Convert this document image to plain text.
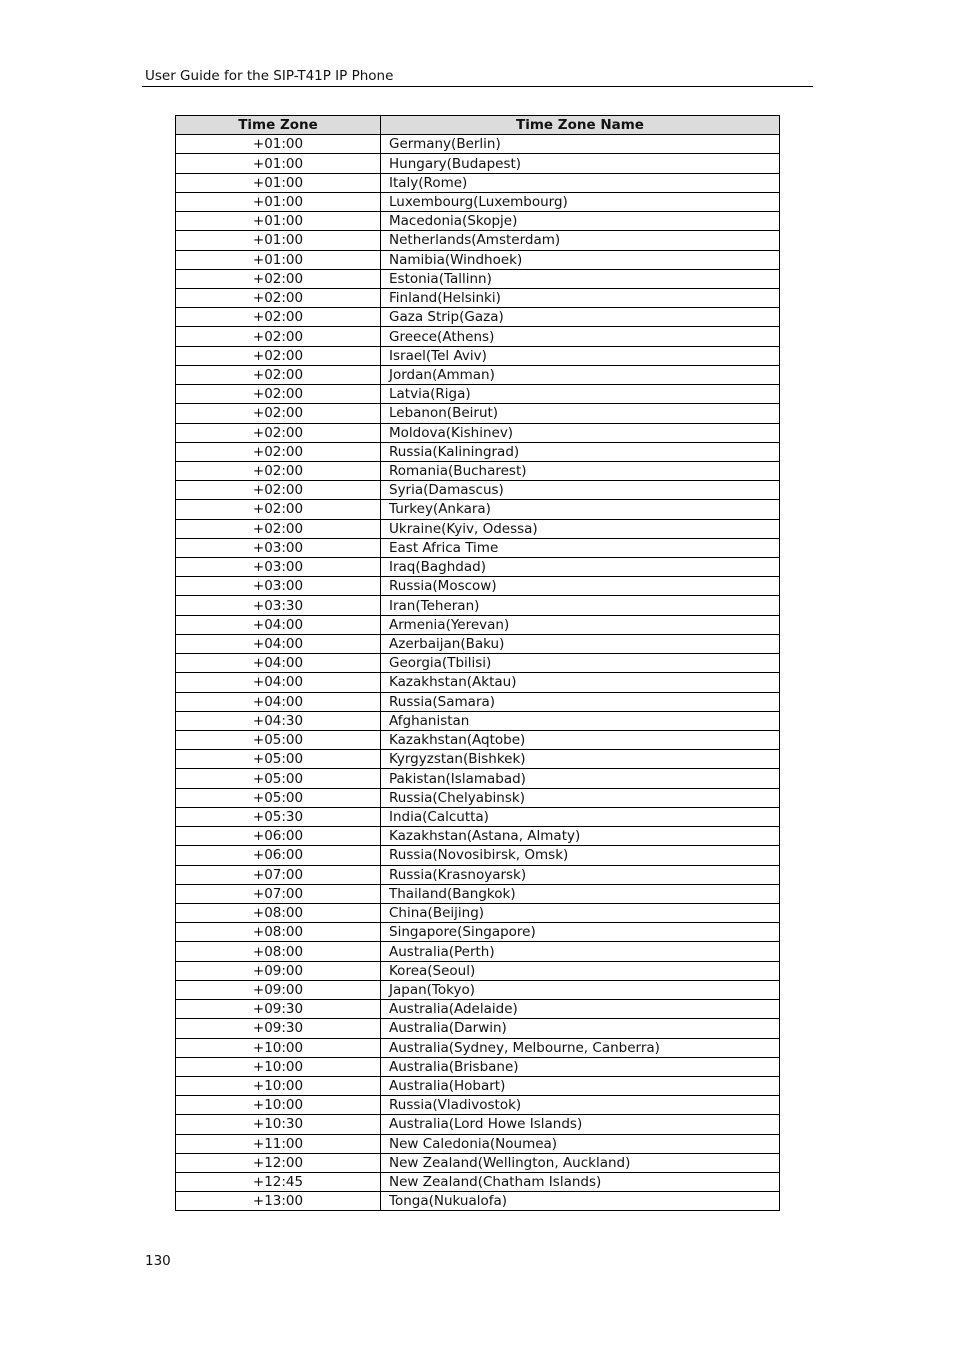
User Guide for the SIP-T41P IP Phone
Time Zone	Time Zone Name
+01:00	Germany(Berlin)
+01:00	Hungary(Budapest)
+01:00	Italy(Rome)
+01:00	Luxembourg(Luxembourg)
+01:00	Macedonia(Skopje)
+01:00	Netherlands(Amsterdam)
+01:00	Namibia(Windhoek)
+02:00	Estonia(Tallinn)
+02:00	Finland(Helsinki)
+02:00	Gaza Strip(Gaza)
+02:00	Greece(Athens)
+02:00	Israel(Tel Aviv)
+02:00	Jordan(Amman)
+02:00	Latvia(Riga)
+02:00	Lebanon(Beirut)
+02:00	Moldova(Kishinev)
+02:00	Russia(Kaliningrad)
+02:00	Romania(Bucharest)
+02:00	Syria(Damascus)
+02:00	Turkey(Ankara)
+02:00	Ukraine(Kyiv, Odessa)
+03:00	East Africa Time
+03:00	Iraq(Baghdad)
+03:00	Russia(Moscow)
+03:30	Iran(Teheran)
+04:00	Armenia(Yerevan)
+04:00	Azerbaijan(Baku)
+04:00	Georgia(Tbilisi)
+04:00	Kazakhstan(Aktau)
+04:00	Russia(Samara)
+04:30	Afghanistan
+05:00	Kazakhstan(Aqtobe)
+05:00	Kyrgyzstan(Bishkek)
+05:00	Pakistan(Islamabad)
+05:00	Russia(Chelyabinsk)
+05:30	India(Calcutta)
+06:00	Kazakhstan(Astana, Almaty)
+06:00	Russia(Novosibirsk, Omsk)
+07:00	Russia(Krasnoyarsk)
+07:00	Thailand(Bangkok)
+08:00	China(Beijing)
+08:00	Singapore(Singapore)
+08:00	Australia(Perth)
+09:00	Korea(Seoul)
+09:00	Japan(Tokyo)
+09:30	Australia(Adelaide)
+09:30	Australia(Darwin)
+10:00	Australia(Sydney, Melbourne, Canberra)
+10:00	Australia(Brisbane)
+10:00	Australia(Hobart)
+10:00	Russia(Vladivostok)
+10:30	Australia(Lord Howe Islands)
+11:00	New Caledonia(Noumea)
+12:00	New Zealand(Wellington, Auckland)
+12:45	New Zealand(Chatham Islands)
+13:00	Tonga(Nukualofa)
130
